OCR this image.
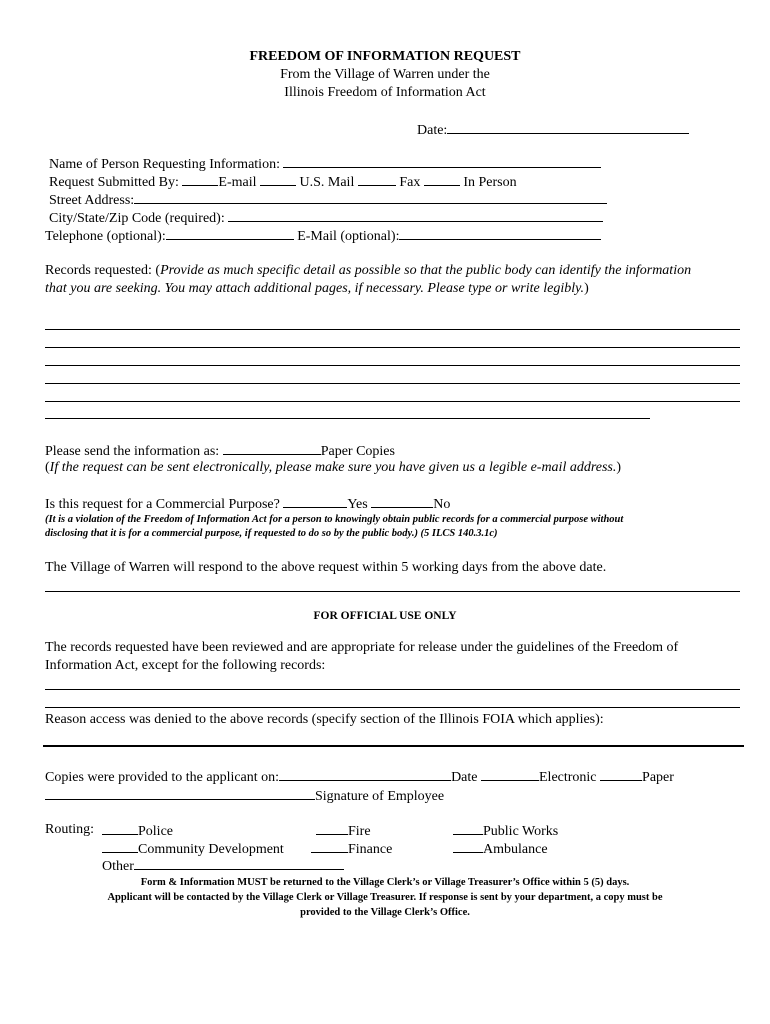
FREEDOM OF INFORMATION REQUEST
From the Village of Warren under the
Illinois Freedom of Information Act
Date:
Name of Person Requesting Information:
Request Submitted By:	E-mail	U.S. Mail	Fax	In Person
Street Address:
City/State/Zip Code (required):
Telephone (optional):	E-Mail (optional):
Records requested: (Provide as much specific detail as possible so that the public body can identify the information
that you are seeking. You may attach additional pages, if necessary. Please type or write legibly.)
Please send the information as:	Paper Copies
(If the request can be sent electronically, please make sure you have given us a legible e-mail address.)
Is this request for a Commercial Purpose?	Yes	No
(It is a violation of the Freedom of Information Act for a person to knowingly obtain public records for a commercial purpose without
disclosing that it is for a commercial purpose, if requested to do so by the public body.) (5 ILCS 140.3.1c)
The Village of Warren will respond to the above request within 5 working days from the above date.
FOR OFFICIAL USE ONLY
The records requested have been reviewed and are appropriate for release under the guidelines of the Freedom of
Information Act, except for the following records:
Reason access was denied to the above records (specify section of the Illinois FOIA which applies):
Copies were provided to the applicant on:	Date	Electronic	Paper
Signature of Employee
Routing:	Police	Fire	Public Works
Community Development	Finance	Ambulance
Other
Form & Information MUST be returned to the Village Clerk’s or Village Treasurer’s Office within 5 (5) days.
Applicant will be contacted by the Village Clerk or Village Treasurer. If response is sent by your department, a copy must be
provided to the Village Clerk’s Office.
